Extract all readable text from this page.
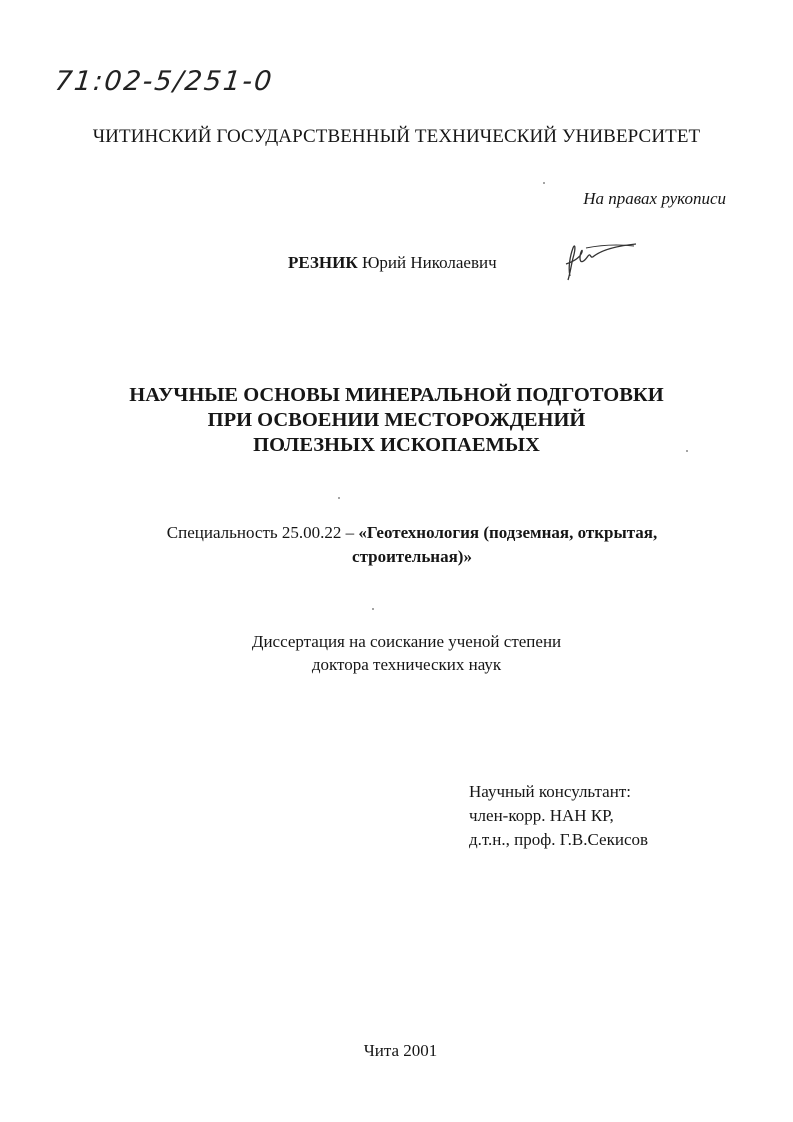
71:02-5/251-0
ЧИТИНСКИЙ ГОСУДАРСТВЕННЫЙ ТЕХНИЧЕСКИЙ УНИВЕРСИТЕТ
На правах рукописи
РЕЗНИК Юрий Николаевич
НАУЧНЫЕ ОСНОВЫ МИНЕРАЛЬНОЙ ПОДГОТОВКИ
ПРИ ОСВОЕНИИ МЕСТОРОЖДЕНИЙ
ПОЛЕЗНЫХ ИСКОПАЕМЫХ
Специальность 25.00.22 – «Геотехнология (подземная, открытая, строительная)»
Диссертация на соискание ученой степени
доктора технических наук
Научный консультант:
член-корр. НАН КР,
д.т.н., проф. Г.В.Секисов
Чита 2001
